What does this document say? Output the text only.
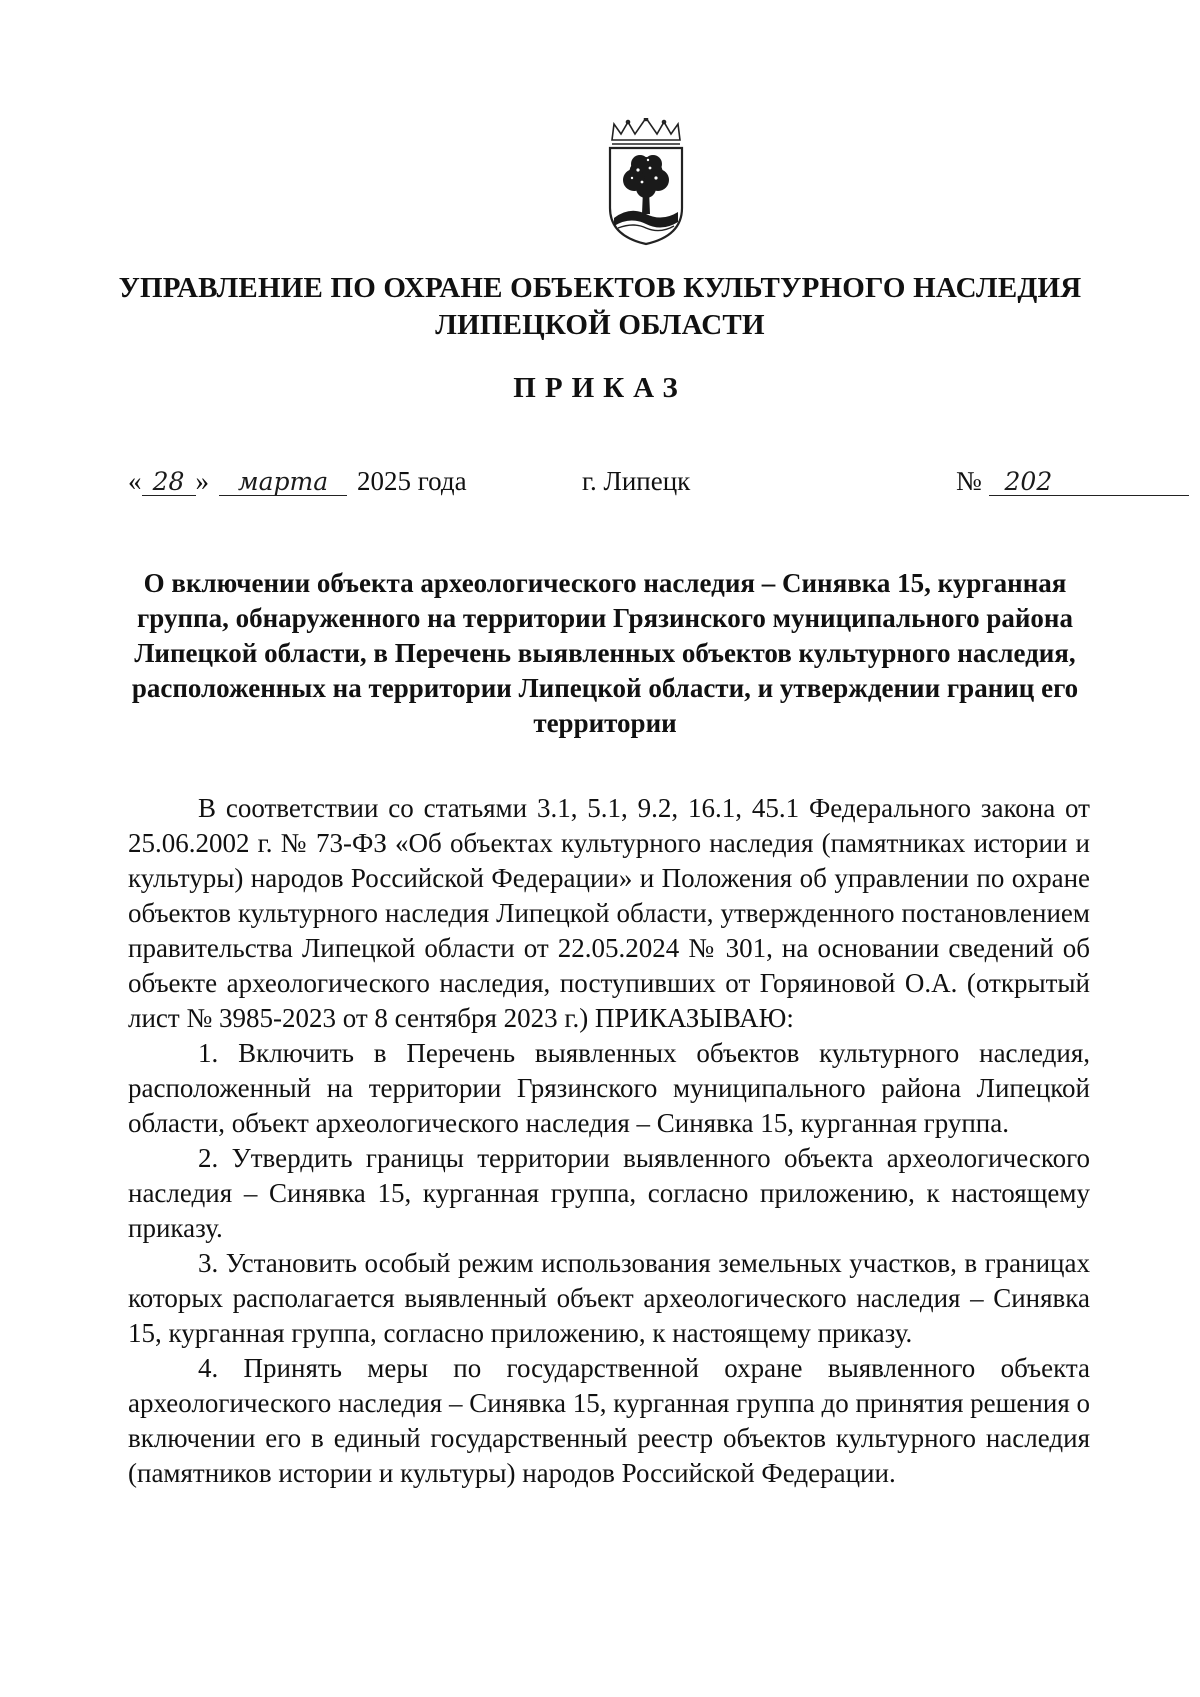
УПРАВЛЕНИЕ ПО ОХРАНЕ ОБЪЕКТОВ КУЛЬТУРНОГО НАСЛЕДИЯ
ЛИПЕЦКОЙ ОБЛАСТИ
ПРИКАЗ
« 28 » марта 2025 года	г. Липецк	№ 202
О включении объекта археологического наследия – Синявка 15, курганная
группа, обнаруженного на территории Грязинского муниципального района
Липецкой области, в Перечень выявленных объектов культурного наследия,
расположенных на территории Липецкой области, и утверждении границ его
территории

В соответствии со статьями 3.1, 5.1, 9.2, 16.1, 45.1 Федерального закона от 25.06.2002 г. № 73-ФЗ «Об объектах культурного наследия (памятниках истории и культуры) народов Российской Федерации» и Положения об управлении по охране объектов культурного наследия Липецкой области, утвержденного постановлением правительства Липецкой области от 22.05.2024 № 301, на основании сведений об объекте археологического наследия, поступивших от Горяиновой О.А. (открытый лист № 3985-2023 от 8 сентября 2023 г.) ПРИКАЗЫВАЮ:

1. Включить в Перечень выявленных объектов культурного наследия, расположенный на территории Грязинского муниципального района Липецкой области, объект археологического наследия – Синявка 15, курганная группа.

2. Утвердить границы территории выявленного объекта археологического наследия – Синявка 15, курганная группа, согласно приложению, к настоящему приказу.

3. Установить особый режим использования земельных участков, в границах которых располагается выявленный объект археологического наследия – Синявка 15, курганная группа, согласно приложению, к настоящему приказу.

4. Принять меры по государственной охране выявленного объекта археологического наследия – Синявка 15, курганная группа до принятия решения о включении его в единый государственный реестр объектов культурного наследия (памятников истории и культуры) народов Российской Федерации.
